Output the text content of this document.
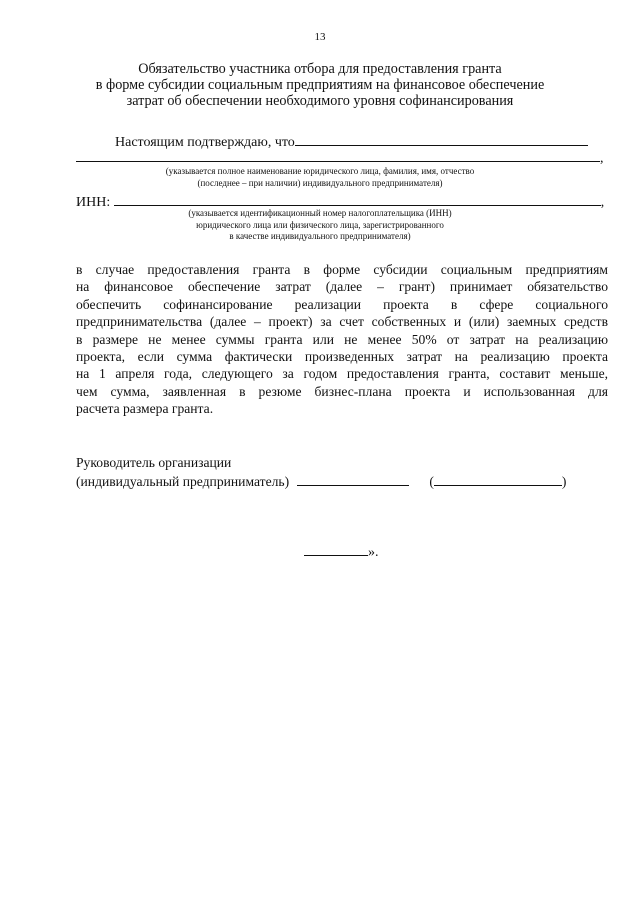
13
Обязательство участника отбора для предоставления гранта
в форме субсидии социальным предприятиям на финансовое обеспечение
затрат об обеспечении необходимого уровня софинансирования
Настоящим подтверждаю, что
,
(указывается полное наименование юридического лица, фамилия, имя, отчество
(последнее – при наличии) индивидуального предпринимателя)
ИНН:	,
(указывается идентификационный номер налогоплательщика (ИНН)
юридического лица или физического лица, зарегистрированного
в качестве индивидуального предпринимателя)

в случае предоставления гранта в форме субсидии социальным предприятиям

на финансовое обеспечение затрат (далее – грант) принимает обязательство

обеспечить софинансирование реализации проекта в сфере социального

предпринимательства (далее – проект) за счет собственных и (или) заемных средств

в размере не менее суммы гранта или не менее 50% от затрат на реализацию

проекта, если сумма фактически произведенных затрат на реализацию проекта

на 1 апреля года, следующего за годом предоставления гранта, составит меньше,

чем сумма, заявленная в резюме бизнес-плана проекта и использованная для

расчета размера гранта.

Руководитель организации
(индивидуальный предприниматель)	(	)
».
